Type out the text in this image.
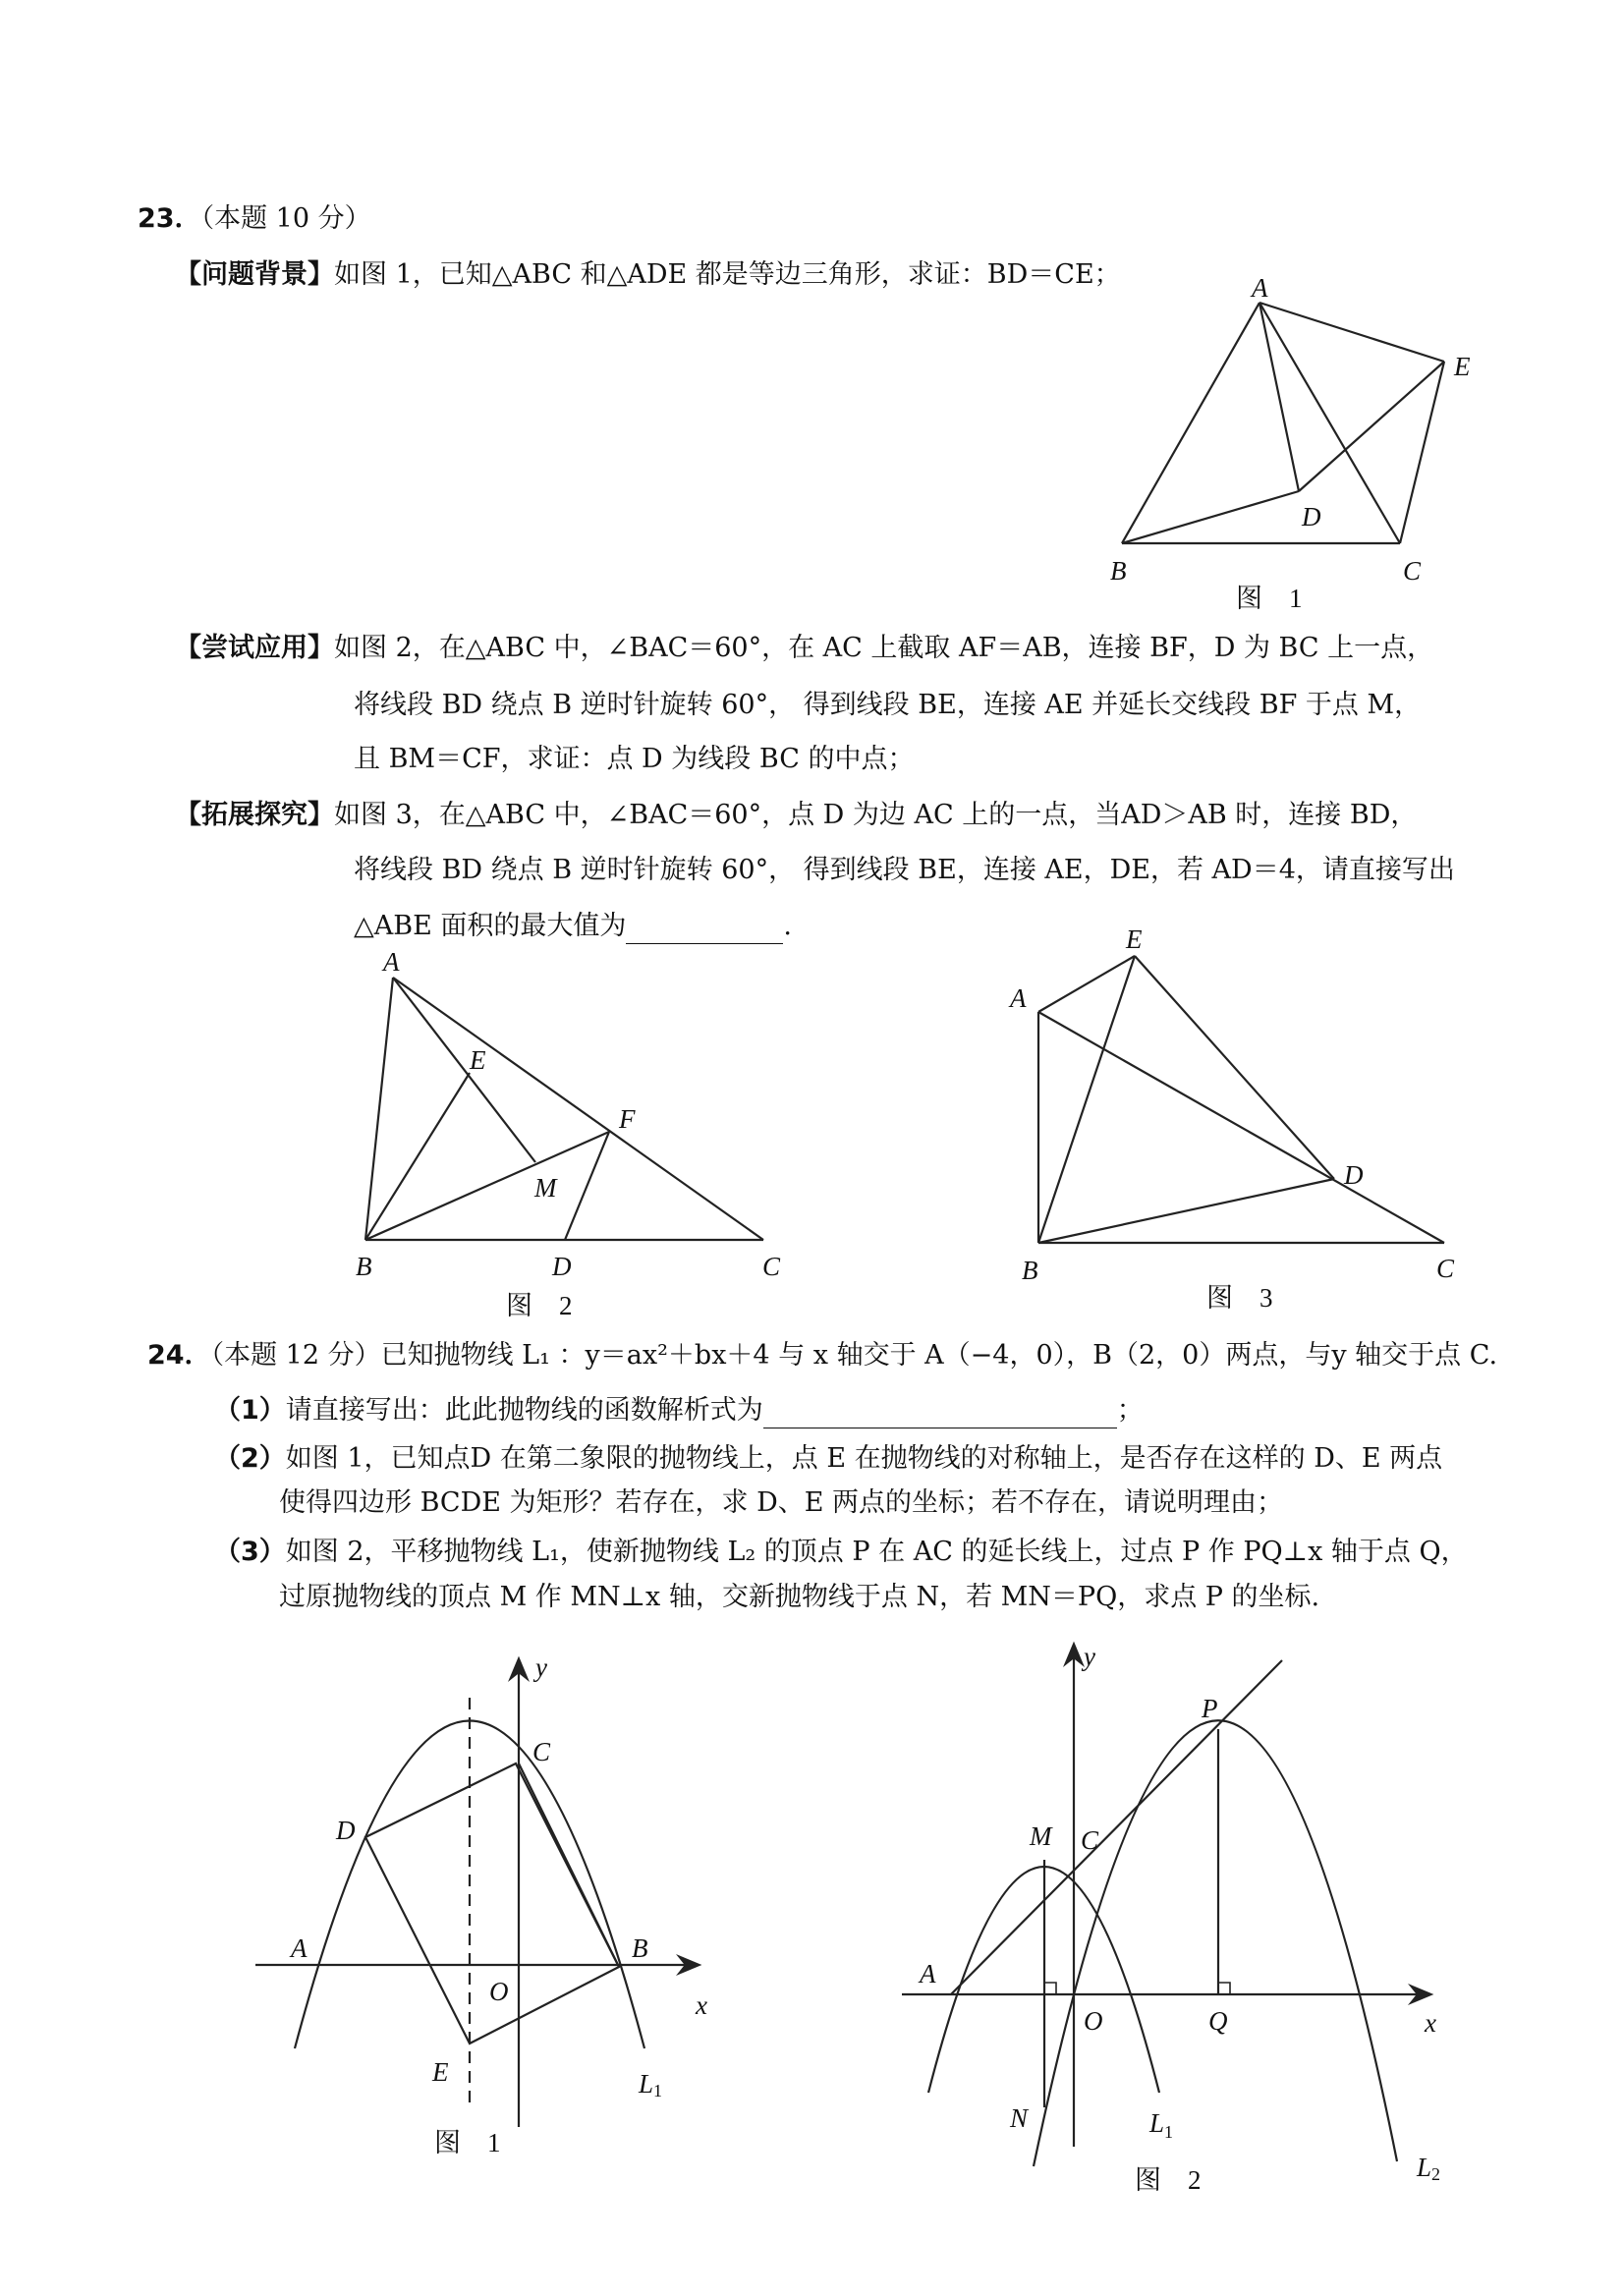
23．（本题 10 分）
【问题背景】如图 1，已知△ABC 和△ADE 都是等边三角形，求证：BD＝CE；
【尝试应用】如图 2，在△ABC 中，∠BAC＝60°，在 AC 上截取 AF＝AB，连接 BF，D 为 BC 上一点，
将线段 BD 绕点 B 逆时针旋转 60°， 得到线段 BE，连接 AE 并延长交线段 BF 于点 M，
且 BM＝CF，求证：点 D 为线段 BC 的中点；
【拓展探究】如图 3，在△ABC 中，∠BAC＝60°，点 D 为边 AC 上的一点，当AD＞AB 时，连接 BD，
将线段 BD 绕点 B 逆时针旋转 60°， 得到线段 BE，连接 AE，DE，若 AD＝4，请直接写出
△ABE 面积的最大值为	.
A
E
D
B	C
图　1
A
E
F
M
B	D	C
图　2
E
A
D
B	C
图　3
24．（本题 12 分）已知抛物线 L₁ ：y＝ax²＋bx＋4 与 x 轴交于 A（−4，0），B（2，0）两点，与y 轴交于点 C.
（1）请直接写出：此此抛物线的函数解析式为	；
（2）如图 1，已知点D 在第二象限的抛物线上，点 E 在抛物线的对称轴上，是否存在这样的 D、E 两点
使得四边形 BCDE 为矩形？若存在，求 D、E 两点的坐标；若不存在，请说明理由；
（3）如图 2，平移抛物线 L₁，使新抛物线 L₂ 的顶点 P 在 AC 的延长线上，过点 P 作 PQ⊥x 轴于点 Q，
过原抛物线的顶点 M 作 MN⊥x 轴，交新抛物线于点 N，若 MN＝PQ，求点 P 的坐标.
y
C
D
A	B
O	x
E	L1
图　1
y
P
M C
A
O	Q	x
N	$L_1$
L2
图　2
